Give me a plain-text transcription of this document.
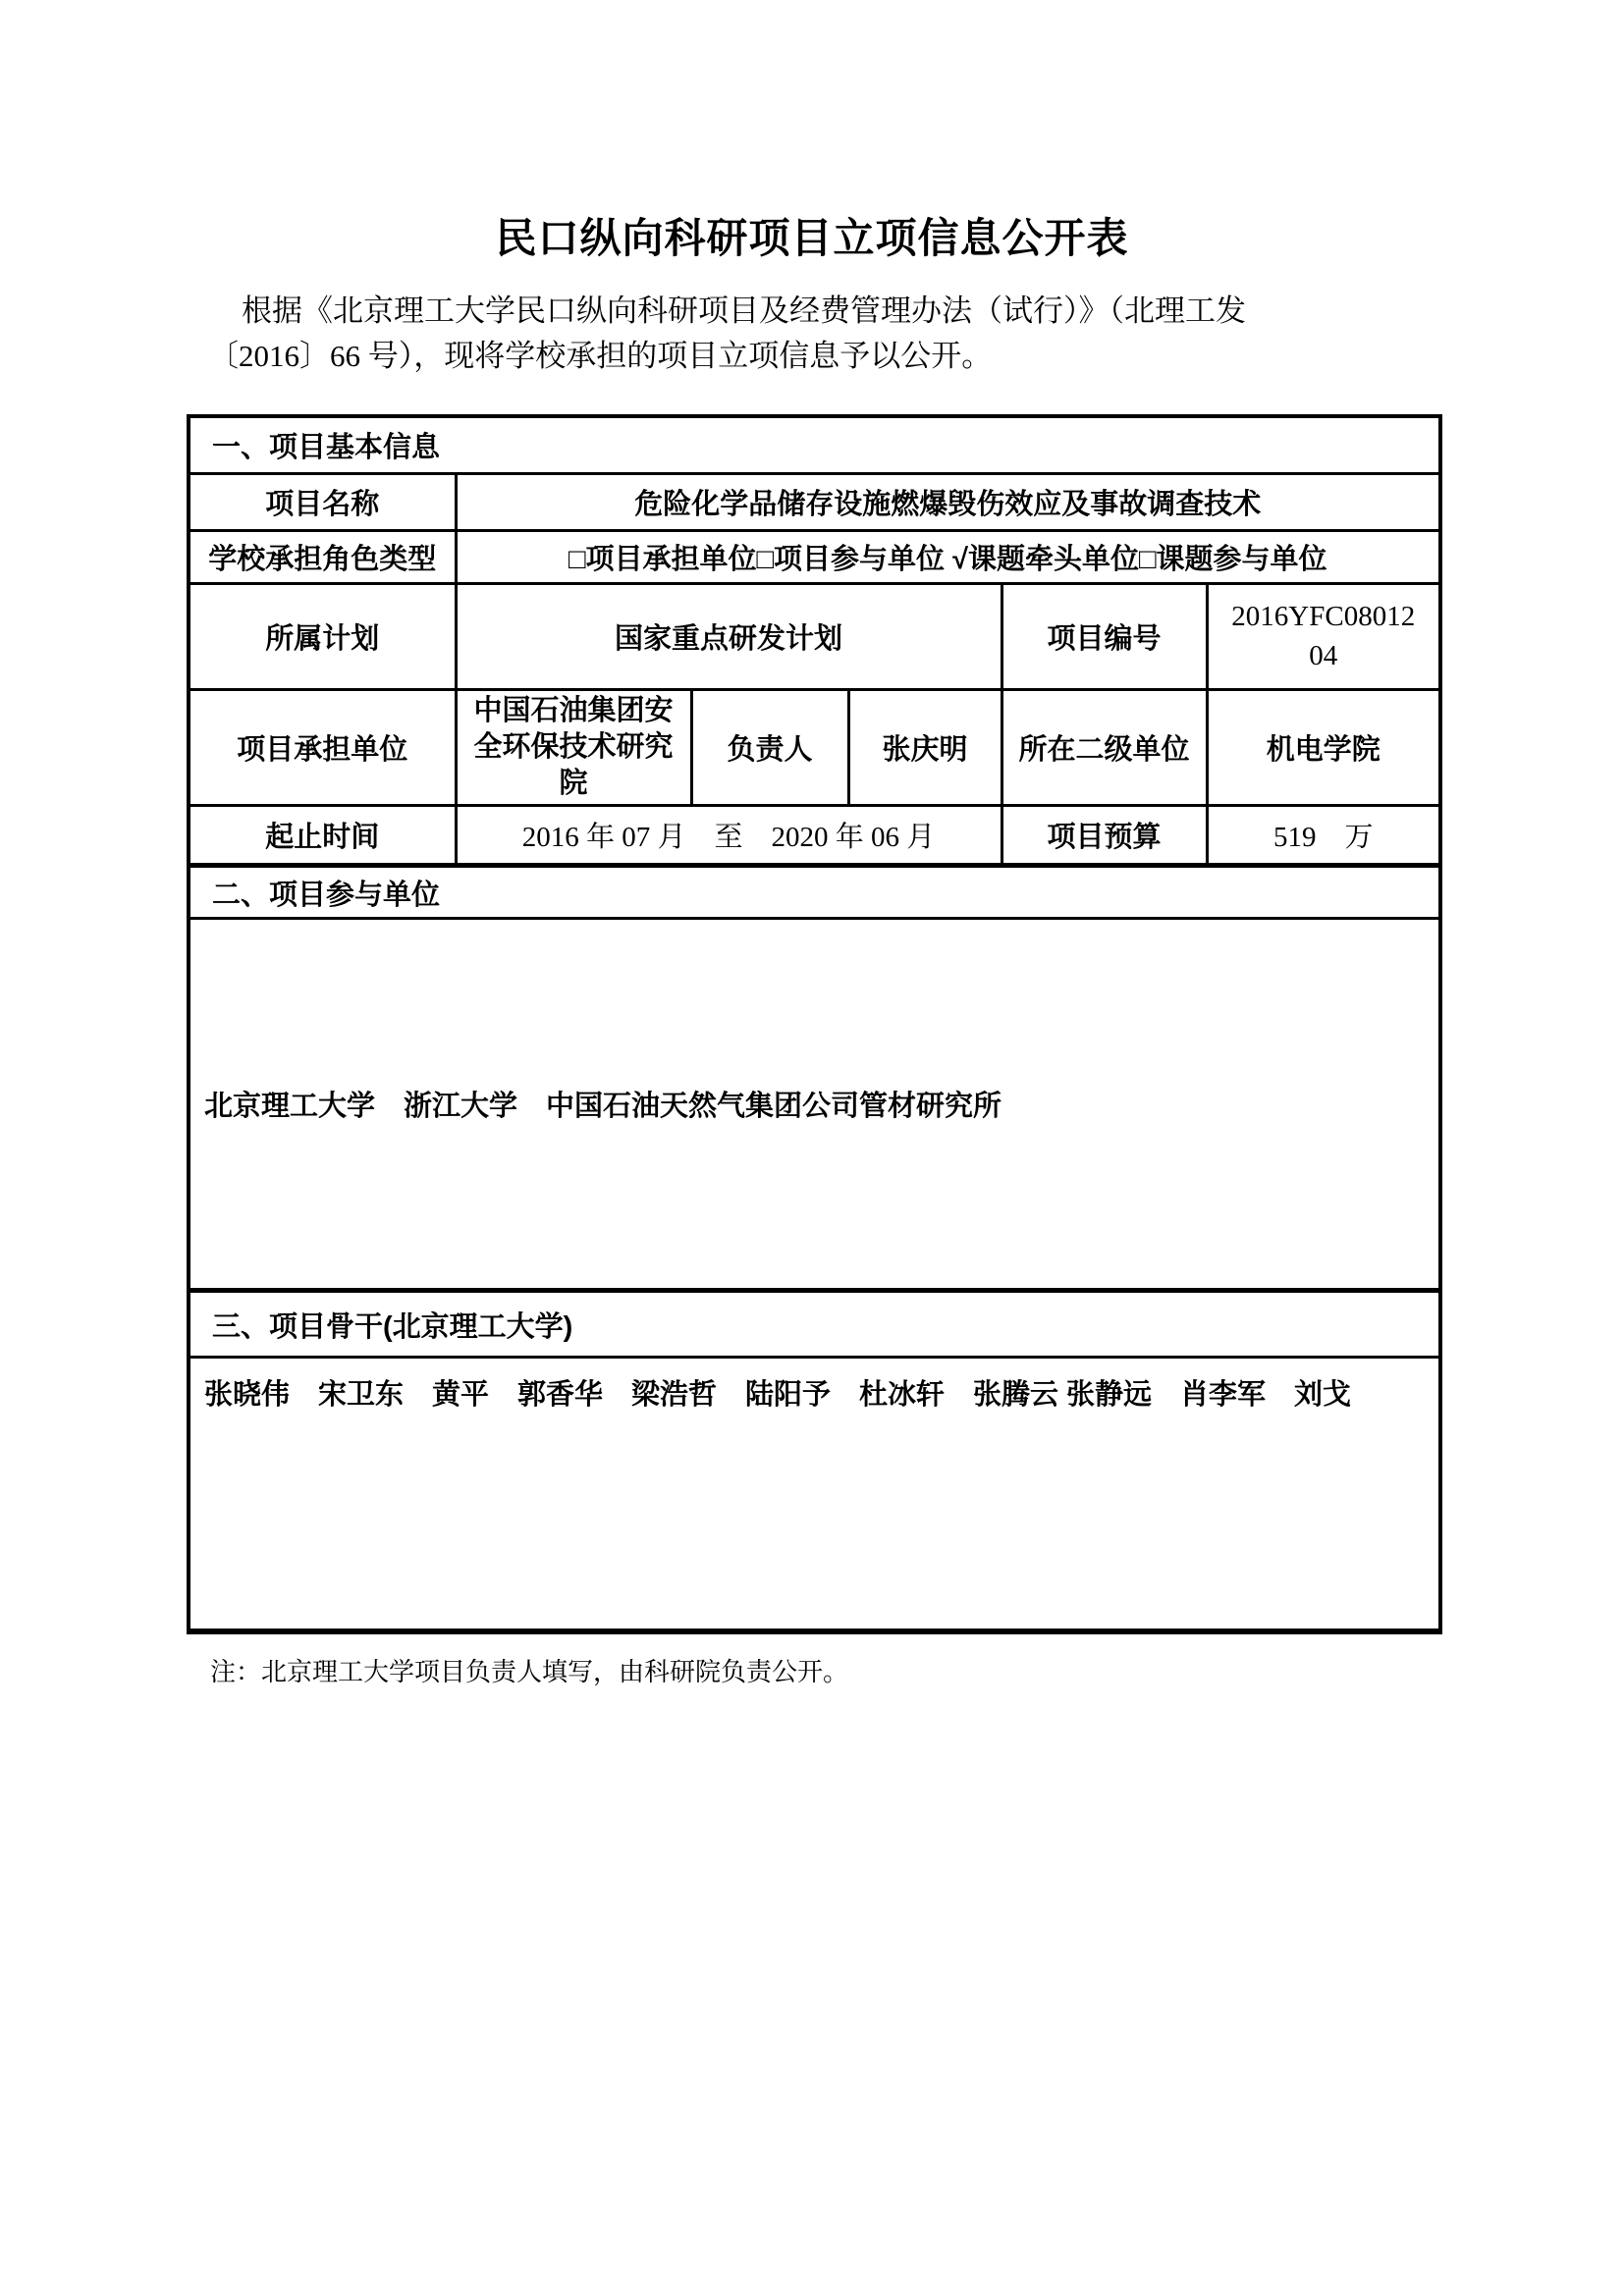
民口纵向科研项目立项信息公开表
根据《北京理工大学民口纵向科研项目及经费管理办法（试行）》（北理工发
〔2016〕66 号），现将学校承担的项目立项信息予以公开。
一、项目基本信息					
项目名称	危险化学品储存设施燃爆毁伤效应及事故调查技术				
学校承担角色类型	□项目承担单位□项目参与单位 √课题牵头单位□课题参与单位				
所属计划	国家重点研发计划			项目编号	2016YFC08012
04

项目承担单位	中国石油集团安全环保技术研究院	负责人	张庆明	所在二级单位	机电学院
起止时间	2016 年 07 月　至　2020 年 06 月			项目预算	519　万
二、项目参与单位					
北京理工大学　浙江大学　中国石油天然气集团公司管材研究所					
三、项目骨干(北京理工大学)					
张晓伟　宋卫东　黄平　郭香华　梁浩哲　陆阳予　杜冰轩　张腾云 张静远　肖李军　刘戈					
注：北京理工大学项目负责人填写，由科研院负责公开。
